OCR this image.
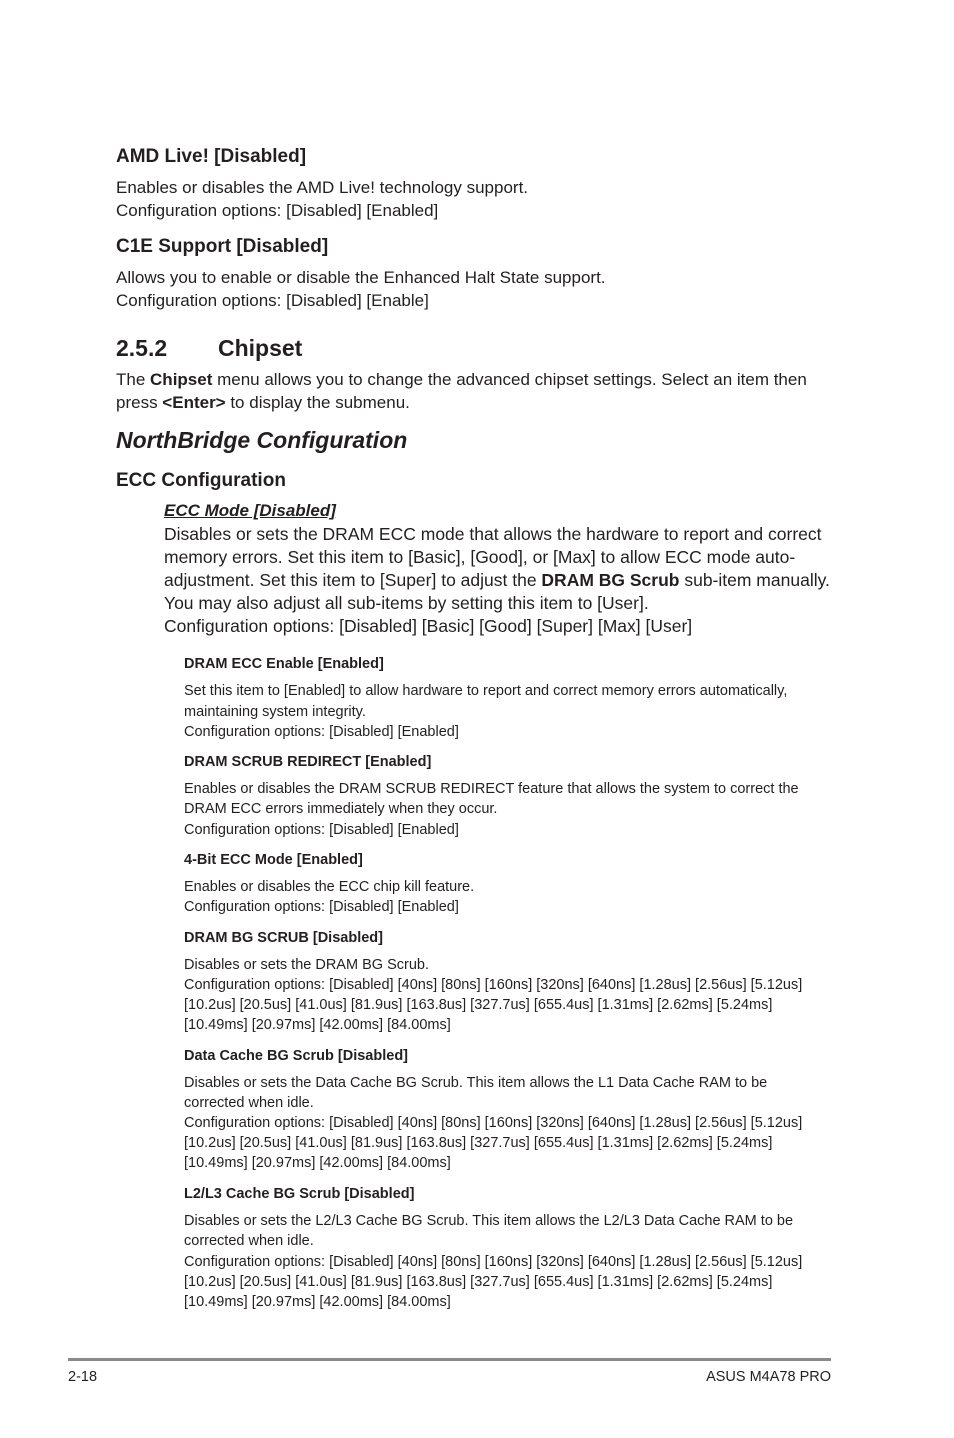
AMD Live! [Disabled]
Enables or disables the AMD Live! technology support.
Configuration options: [Disabled] [Enabled]
C1E Support [Disabled]
Allows you to enable or disable the Enhanced Halt State support.
Configuration options: [Disabled] [Enable]
2.5.2 Chipset
The Chipset menu allows you to change the advanced chipset settings. Select an item then
press <Enter> to display the submenu.
NorthBridge Configuration
ECC Configuration
ECC Mode [Disabled]
Disables or sets the DRAM ECC mode that allows the hardware to report and correct
memory errors. Set this item to [Basic], [Good], or [Max] to allow ECC mode auto-
adjustment. Set this item to [Super] to adjust the DRAM BG Scrub sub-item manually.
You may also adjust all sub-items by setting this item to [User].
Configuration options: [Disabled] [Basic] [Good] [Super] [Max] [User]
DRAM ECC Enable [Enabled]
Set this item to [Enabled] to allow hardware to report and correct memory errors automatically,
maintaining system integrity.
Configuration options: [Disabled] [Enabled]
DRAM SCRUB REDIRECT [Enabled]
Enables or disables the DRAM SCRUB REDIRECT feature that allows the system to correct the
DRAM ECC errors immediately when they occur.
Configuration options: [Disabled] [Enabled]
4-Bit ECC Mode [Enabled]
Enables or disables the ECC chip kill feature.
Configuration options: [Disabled] [Enabled]
DRAM BG SCRUB [Disabled]
Disables or sets the DRAM BG Scrub.
Configuration options: [Disabled] [40ns] [80ns] [160ns] [320ns] [640ns] [1.28us] [2.56us] [5.12us]
[10.2us] [20.5us] [41.0us] [81.9us] [163.8us] [327.7us] [655.4us] [1.31ms] [2.62ms] [5.24ms]
[10.49ms] [20.97ms] [42.00ms] [84.00ms]
Data Cache BG Scrub [Disabled]
Disables or sets the Data Cache BG Scrub. This item allows the L1 Data Cache RAM to be
corrected when idle.
Configuration options: [Disabled] [40ns] [80ns] [160ns] [320ns] [640ns] [1.28us] [2.56us] [5.12us]
[10.2us] [20.5us] [41.0us] [81.9us] [163.8us] [327.7us] [655.4us] [1.31ms] [2.62ms] [5.24ms]
[10.49ms] [20.97ms] [42.00ms] [84.00ms]
L2/L3 Cache BG Scrub [Disabled]
Disables or sets the L2/L3 Cache BG Scrub. This item allows the L2/L3 Data Cache RAM to be
corrected when idle.
Configuration options: [Disabled] [40ns] [80ns] [160ns] [320ns] [640ns] [1.28us] [2.56us] [5.12us]
[10.2us] [20.5us] [41.0us] [81.9us] [163.8us] [327.7us] [655.4us] [1.31ms] [2.62ms] [5.24ms]
[10.49ms] [20.97ms] [42.00ms] [84.00ms]
2-18	ASUS M4A78 PRO
